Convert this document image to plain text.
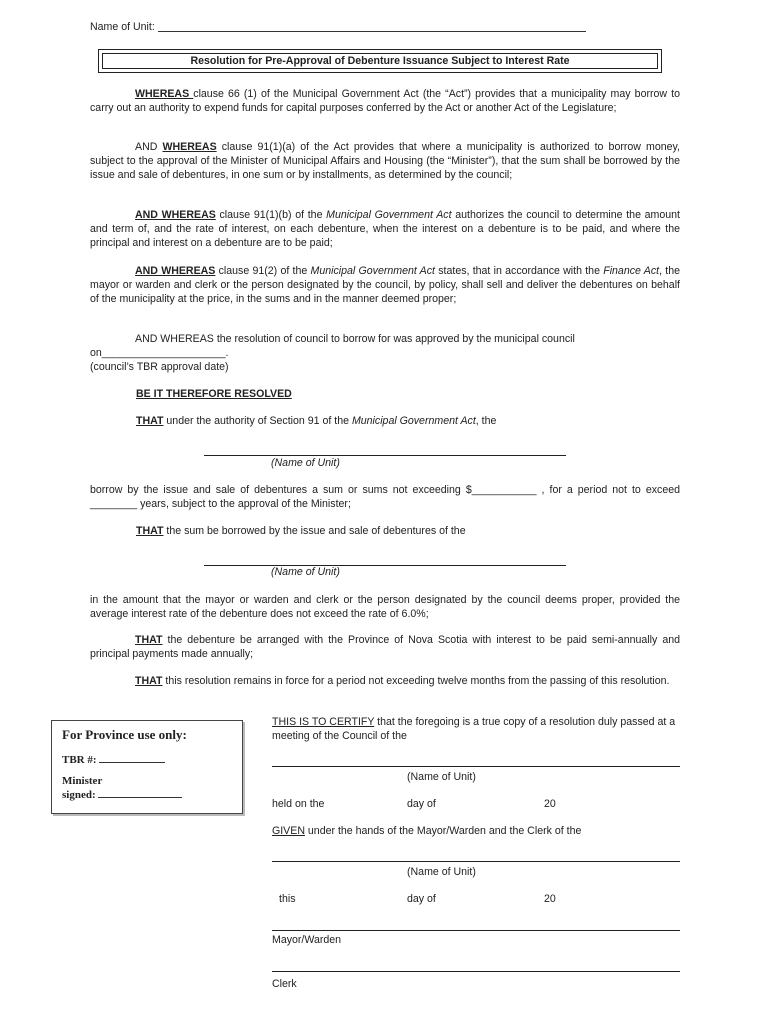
Name of Unit:
Resolution for Pre-Approval of Debenture Issuance Subject to Interest Rate
WHEREAS clause 66 (1) of the Municipal Government Act (the “Act”) provides that a municipality may borrow to carry out an authority to expend funds for capital purposes conferred by the Act or another Act of the Legislature;
AND WHEREAS clause 91(1)(a) of the Act provides that where a municipality is authorized to borrow money, subject to the approval of the Minister of Municipal Affairs and Housing (the “Minister”), that the sum shall be borrowed by the issue and sale of debentures, in one sum or by installments, as determined by the council;
AND WHEREAS clause 91(1)(b) of the Municipal Government Act authorizes the council to determine the amount and term of, and the rate of interest, on each debenture, when the interest on a debenture is to be paid, and where the principal and interest on a debenture are to be paid;
AND WHEREAS clause 91(2) of the Municipal Government Act states, that in accordance with the Finance Act, the mayor or warden and clerk or the person designated by the council, by policy, shall sell and deliver the debentures on behalf of the municipality at the price, in the sums and in the manner deemed proper;
AND WHEREAS the resolution of council to borrow for was approved by the municipal council
on_____________________.
(council’s TBR approval date)
BE IT THEREFORE RESOLVED
THAT under the authority of Section 91 of the Municipal Government Act, the
(Name of Unit)
borrow by the issue and sale of debentures a sum or sums not exceeding $___________ , for a period not to exceed ________ years, subject to the approval of the Minister;
THAT the sum be borrowed by the issue and sale of debentures of the
(Name of Unit)
in the amount that the mayor or warden and clerk or the person designated by the council deems proper, provided the average interest rate of the debenture does not exceed the rate of 6.0%;
THAT the debenture be arranged with the Province of Nova Scotia with interest to be paid semi-annually and principal payments made annually;
THAT this resolution remains in force for a period not exceeding twelve months from the passing of this resolution.
For Province use only:
TBR #:
Minister
signed:
THIS IS TO CERTIFY that the foregoing is a true copy of a resolution duly passed at a meeting of the Council of the
(Name of Unit)
held on the	day of	20
GIVEN under the hands of the Mayor/Warden and the Clerk of the
(Name of Unit)
this	day of	20
Mayor/Warden
Clerk
